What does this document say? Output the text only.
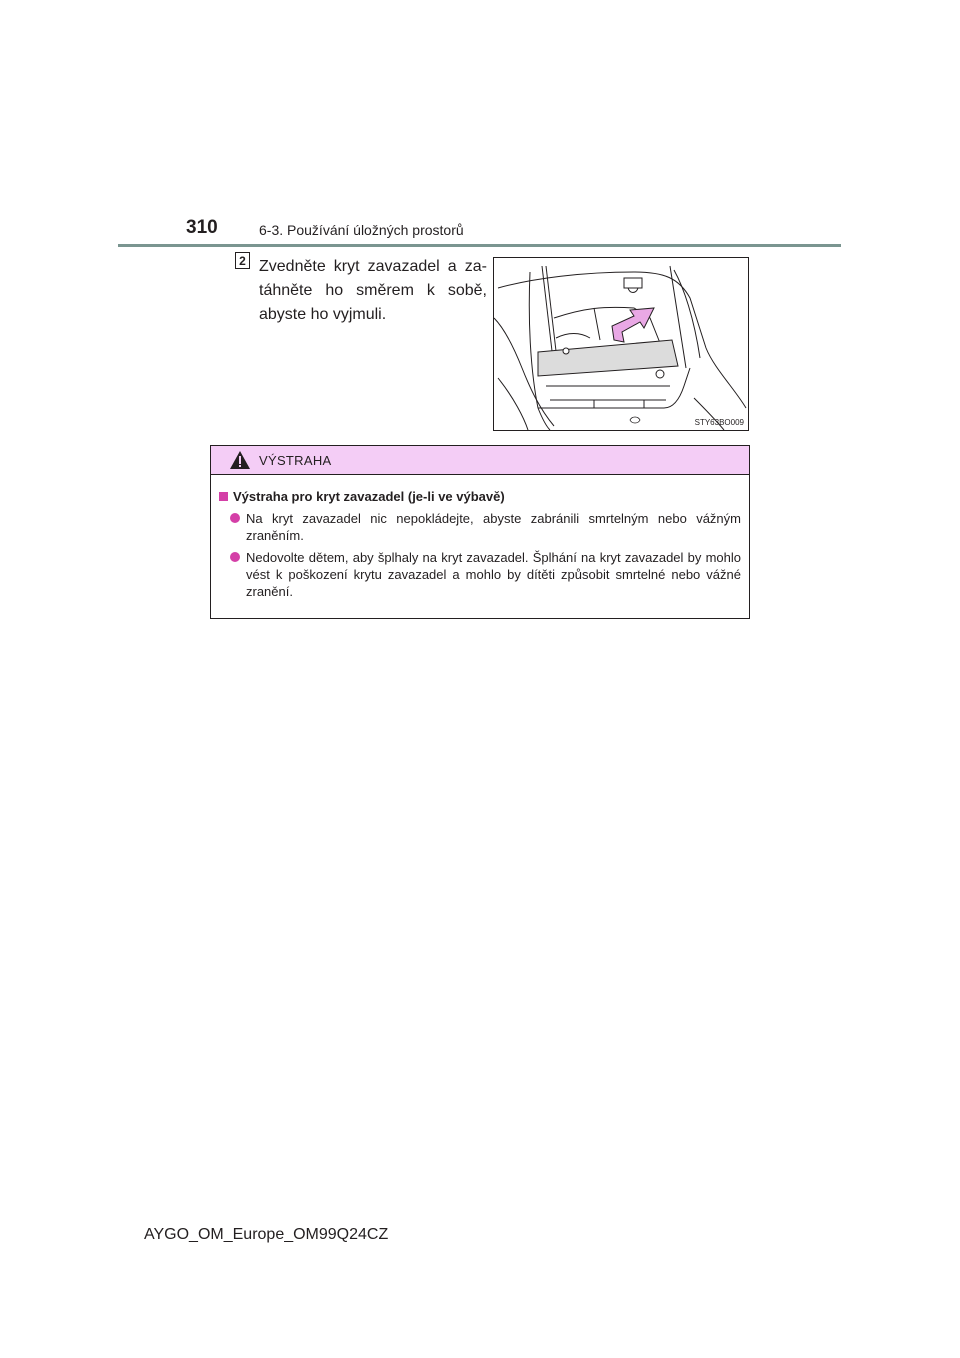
310	6-3. Používání úložných prostorů
2 Zvedněte kryt zavazadel a zatáhněte ho směrem k sobě, abyste ho vyjmuli.
STY63BO009
VÝSTRAHA
Výstraha pro kryt zavazadel (je-li ve výbavě)
Na kryt zavazadel nic nepokládejte, abyste zabránili smrtelným nebo vážným zraněním.
Nedovolte dětem, aby šplhaly na kryt zavazadel. Šplhání na kryt zavazadel by mohlo vést k poškození krytu zavazadel a mohlo by dítěti způsobit smrtelné nebo vážné zranění.
AYGO_OM_Europe_OM99Q24CZ
